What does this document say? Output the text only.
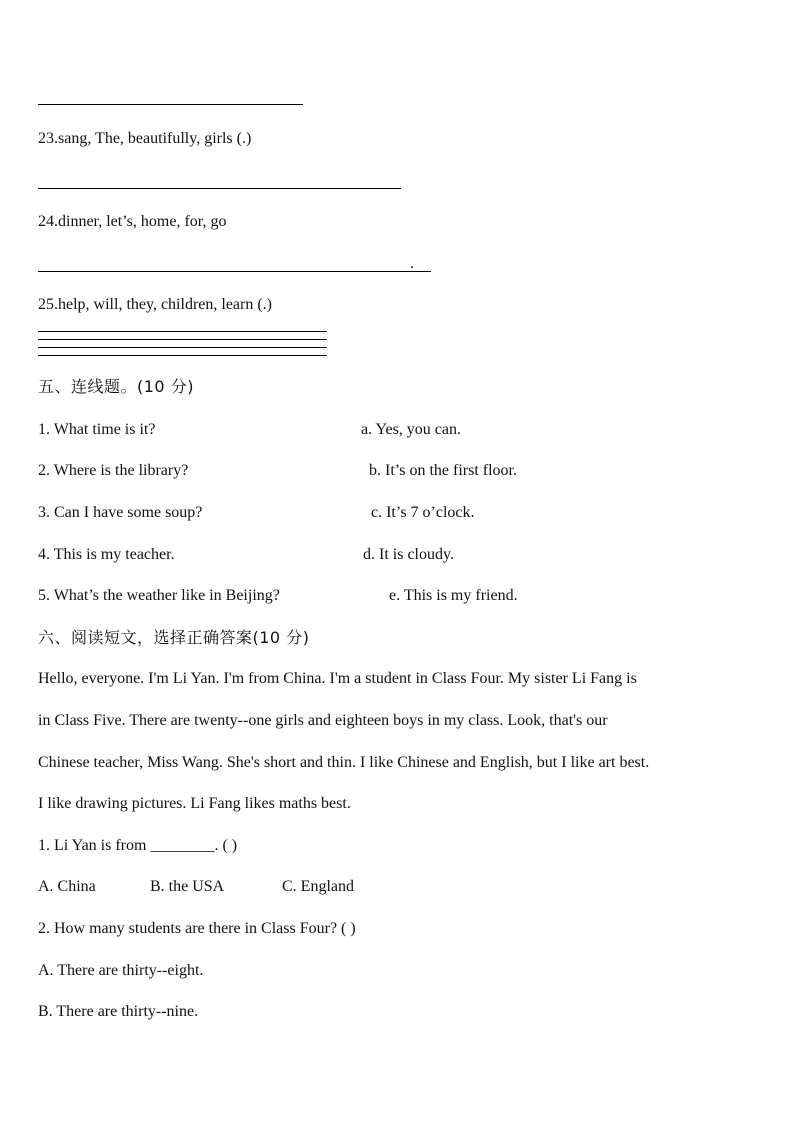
23.sang, The, beautifully, girls (.)
24.dinner, let’s, home, for, go
.
25.help, will, they, children, learn (.)
五、连线题。(10 分)
1. What time is it?	a. Yes, you can.
2. Where is the library?	b. It’s on the first floor.
3. Can I have some soup?	c. It’s 7 o’clock.
4. This is my teacher.	d. It is cloudy.
5. What’s the weather like in Beijing?	e. This is my friend.
六、阅读短文，选择正确答案(10 分)
Hello, everyone. I'm Li Yan. I'm from China. I'm a student in Class Four. My sister Li Fang is
in Class Five. There are twenty--one girls and eighteen boys in my class. Look, that's our
Chinese teacher, Miss Wang. She's short and thin. I like Chinese and English, but I like art best.
I like drawing pictures. Li Fang likes maths best.
1. Li Yan is from ________. ( )
A. China	B. the USA	C. England
2. How many students are there in Class Four? ( )
A. There are thirty--eight.
B. There are thirty--nine.
